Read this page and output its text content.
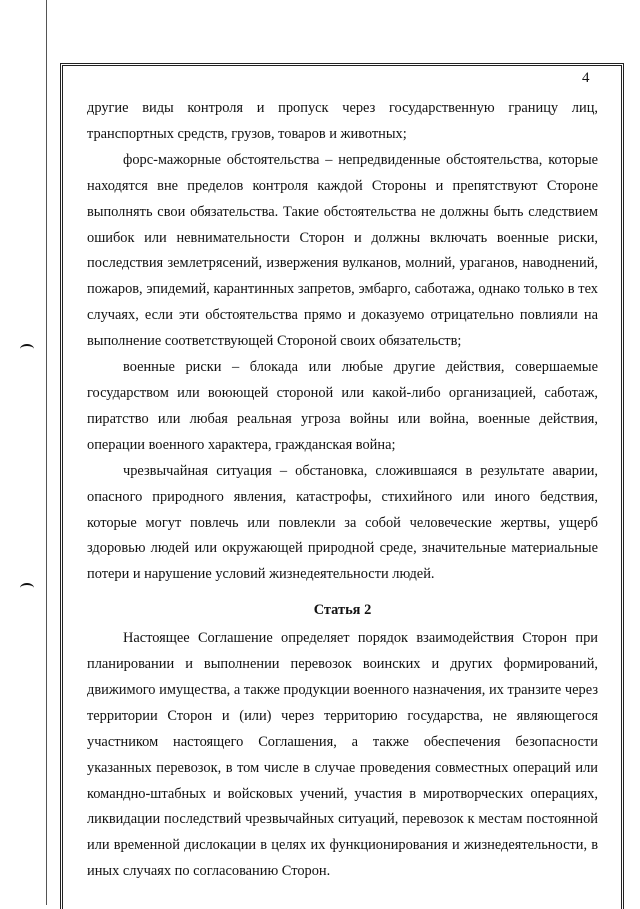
4

другие виды контроля и пропуск через государственную границу лиц, транспортных средств, грузов, товаров и животных;

форс-мажорные обстоятельства – непредвиденные обстоятельства, которые находятся вне пределов контроля каждой Стороны и препятствуют Стороне выполнять свои обязательства. Такие обстоятельства не должны быть следствием ошибок или невнимательности Сторон и должны включать военные риски, последствия землетрясений, извержения вулканов, молний, ураганов, наводнений, пожаров, эпидемий, карантинных запретов, эмбарго, саботажа, однако только в тех случаях, если эти обстоятельства прямо и доказуемо отрицательно повлияли на выполнение соответствующей Стороной своих обязательств;

военные риски – блокада или любые другие действия, совершаемые государством или воюющей стороной или какой-либо организацией, саботаж, пиратство или любая реальная угроза войны или война, военные действия, операции военного характера, гражданская война;

чрезвычайная ситуация – обстановка, сложившаяся в результате аварии, опасного природного явления, катастрофы, стихийного или иного бедствия, которые могут повлечь или повлекли за собой человеческие жертвы, ущерб здоровью людей или окружающей природной среде, значительные материальные потери и нарушение условий жизнедеятельности людей.

Статья 2

Настоящее Соглашение определяет порядок взаимодействия Сторон при планировании и выполнении перевозок воинских и других формирований, движимого имущества, а также продукции военного назначения, их транзите через территории Сторон и (или) через территорию государства, не являющегося участником настоящего Соглашения, а также обеспечения безопасности указанных перевозок, в том числе в случае проведения совместных операций или командно-штабных и войсковых учений, участия в миротворческих операциях, ликвидации последствий чрезвычайных ситуаций, перевозок к местам постоянной или временной дислокации в целях их функционирования и жизнедеятельности, в иных случаях по согласованию Сторон.
